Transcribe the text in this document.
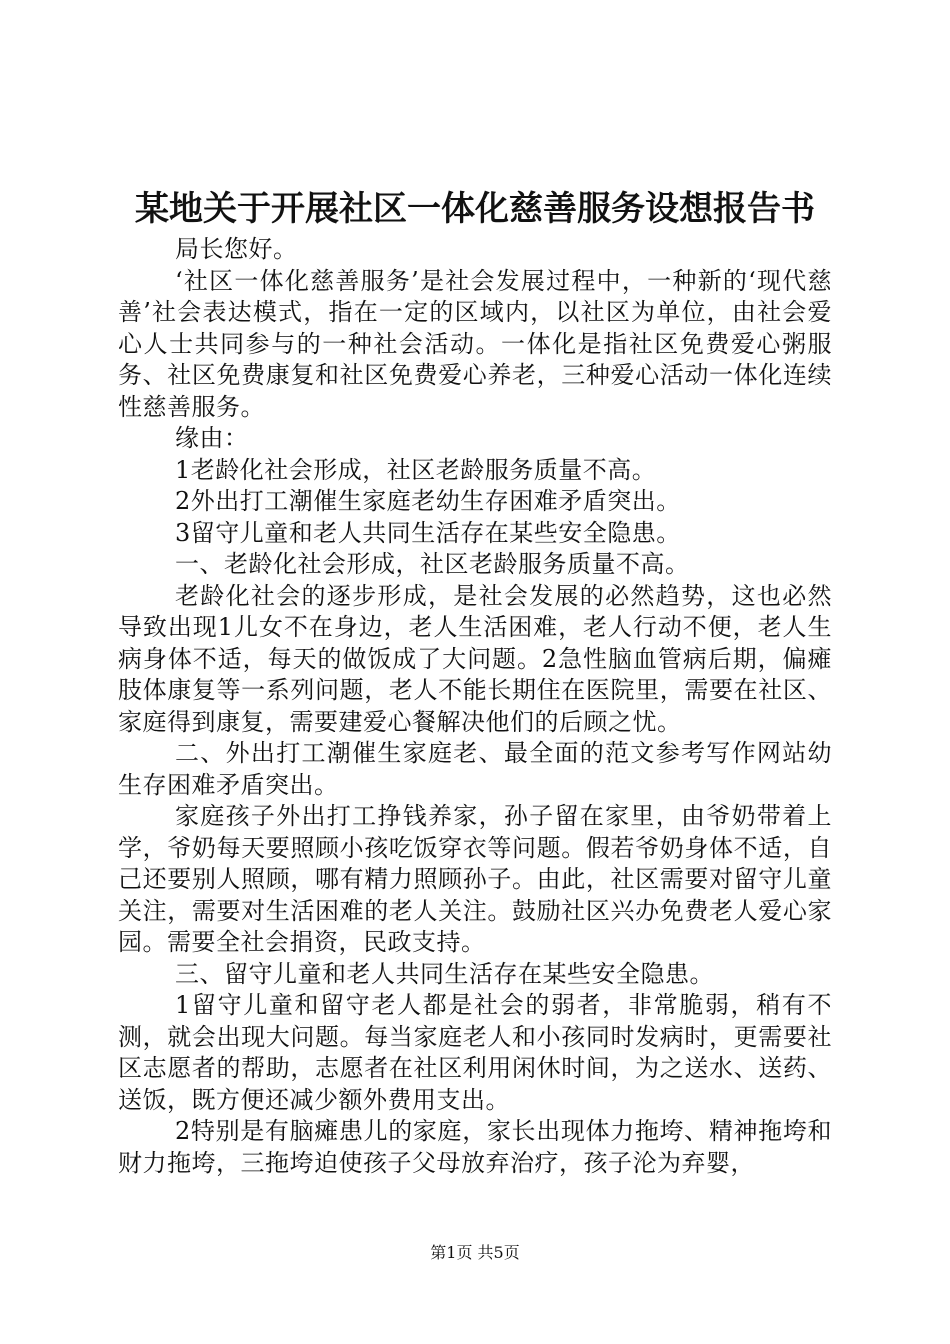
某地关于开展社区一体化慈善服务设想报告书

局长您好。

‘社区一体化慈善服务’是社会发展过程中，一种新的‘现代慈善’社会表达模式，指在一定的区域内，以社区为单位，由社会爱心人士共同参与的一种社会活动。一体化是指社区免费爱心粥服务、社区免费康复和社区免费爱心养老，三种爱心活动一体化连续性慈善服务。

缘由：

1老龄化社会形成，社区老龄服务质量不高。

2外出打工潮催生家庭老幼生存困难矛盾突出。

3留守儿童和老人共同生活存在某些安全隐患。

一、老龄化社会形成，社区老龄服务质量不高。

老龄化社会的逐步形成，是社会发展的必然趋势，这也必然导致出现1儿女不在身边，老人生活困难，老人行动不便，老人生病身体不适，每天的做饭成了大问题。2急性脑血管病后期，偏瘫肢体康复等一系列问题，老人不能长期住在医院里，需要在社区、家庭得到康复，需要建爱心餐解决他们的后顾之忧。

二、外出打工潮催生家庭老、最全面的范文参考写作网站幼生存困难矛盾突出。

家庭孩子外出打工挣钱养家，孙子留在家里，由爷奶带着上学，爷奶每天要照顾小孩吃饭穿衣等问题。假若爷奶身体不适，自己还要别人照顾，哪有精力照顾孙子。由此，社区需要对留守儿童关注，需要对生活困难的老人关注。鼓励社区兴办免费老人爱心家园。需要全社会捐资，民政支持。

三、留守儿童和老人共同生活存在某些安全隐患。

1留守儿童和留守老人都是社会的弱者，非常脆弱，稍有不测，就会出现大问题。每当家庭老人和小孩同时发病时，更需要社区志愿者的帮助，志愿者在社区利用闲休时间，为之送水、送药、送饭，既方便还减少额外费用支出。

2特别是有脑瘫患儿的家庭，家长出现体力拖垮、精神拖垮和财力拖垮，三拖垮迫使孩子父母放弃治疗，孩子沦为弃婴，

第1页 共5页
